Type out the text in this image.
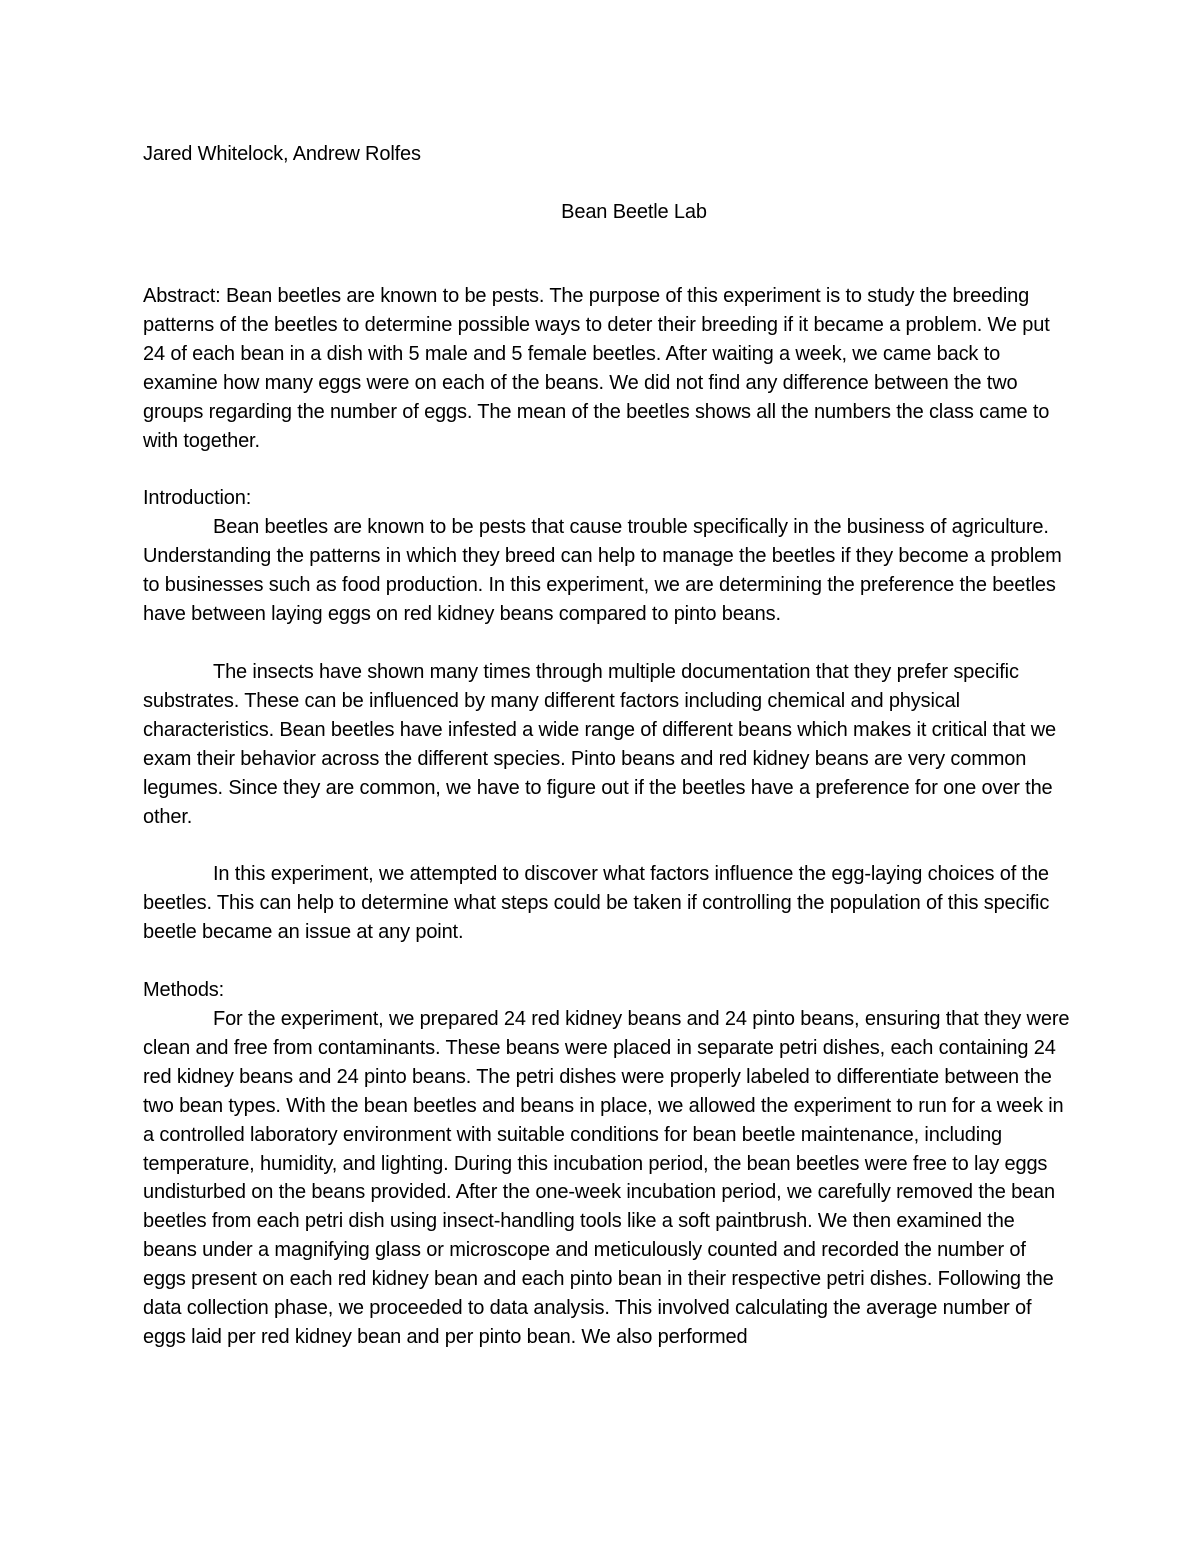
Jared Whitelock, Andrew Rolfes

Bean Beetle Lab

Abstract: Bean beetles are known to be pests. The purpose of this experiment is to study the breeding patterns of the beetles to determine possible ways to deter their breeding if it became a problem. We put 24 of each bean in a dish with 5 male and 5 female beetles. After waiting a week, we came back to examine how many eggs were on each of the beans. We did not find any difference between the two groups regarding the number of eggs. The mean of the beetles shows all the numbers the class came to with together.

Introduction:

Bean beetles are known to be pests that cause trouble specifically in the business of agriculture. Understanding the patterns in which they breed can help to manage the beetles if they become a problem to businesses such as food production. In this experiment, we are determining the preference the beetles have between laying eggs on red kidney beans compared to pinto beans.

The insects have shown many times through multiple documentation that they prefer specific substrates. These can be influenced by many different factors including chemical and physical characteristics. Bean beetles have infested a wide range of different beans which makes it critical that we exam their behavior across the different species. Pinto beans and red kidney beans are very common legumes. Since they are common, we have to figure out if the beetles have a preference for one over the other.

In this experiment, we attempted to discover what factors influence the egg-laying choices of the beetles. This can help to determine what steps could be taken if controlling the population of this specific beetle became an issue at any point.

Methods:

For the experiment, we prepared 24 red kidney beans and 24 pinto beans, ensuring that they were clean and free from contaminants. These beans were placed in separate petri dishes, each containing 24 red kidney beans and 24 pinto beans. The petri dishes were properly labeled to differentiate between the two bean types. With the bean beetles and beans in place, we allowed the experiment to run for a week in a controlled laboratory environment with suitable conditions for bean beetle maintenance, including temperature, humidity, and lighting. During this incubation period, the bean beetles were free to lay eggs undisturbed on the beans provided. After the one-week incubation period, we carefully removed the bean beetles from each petri dish using insect-handling tools like a soft paintbrush. We then examined the beans under a magnifying glass or microscope and meticulously counted and recorded the number of eggs present on each red kidney bean and each pinto bean in their respective petri dishes. Following the data collection phase, we proceeded to data analysis. This involved calculating the average number of eggs laid per red kidney bean and per pinto bean. We also performed
